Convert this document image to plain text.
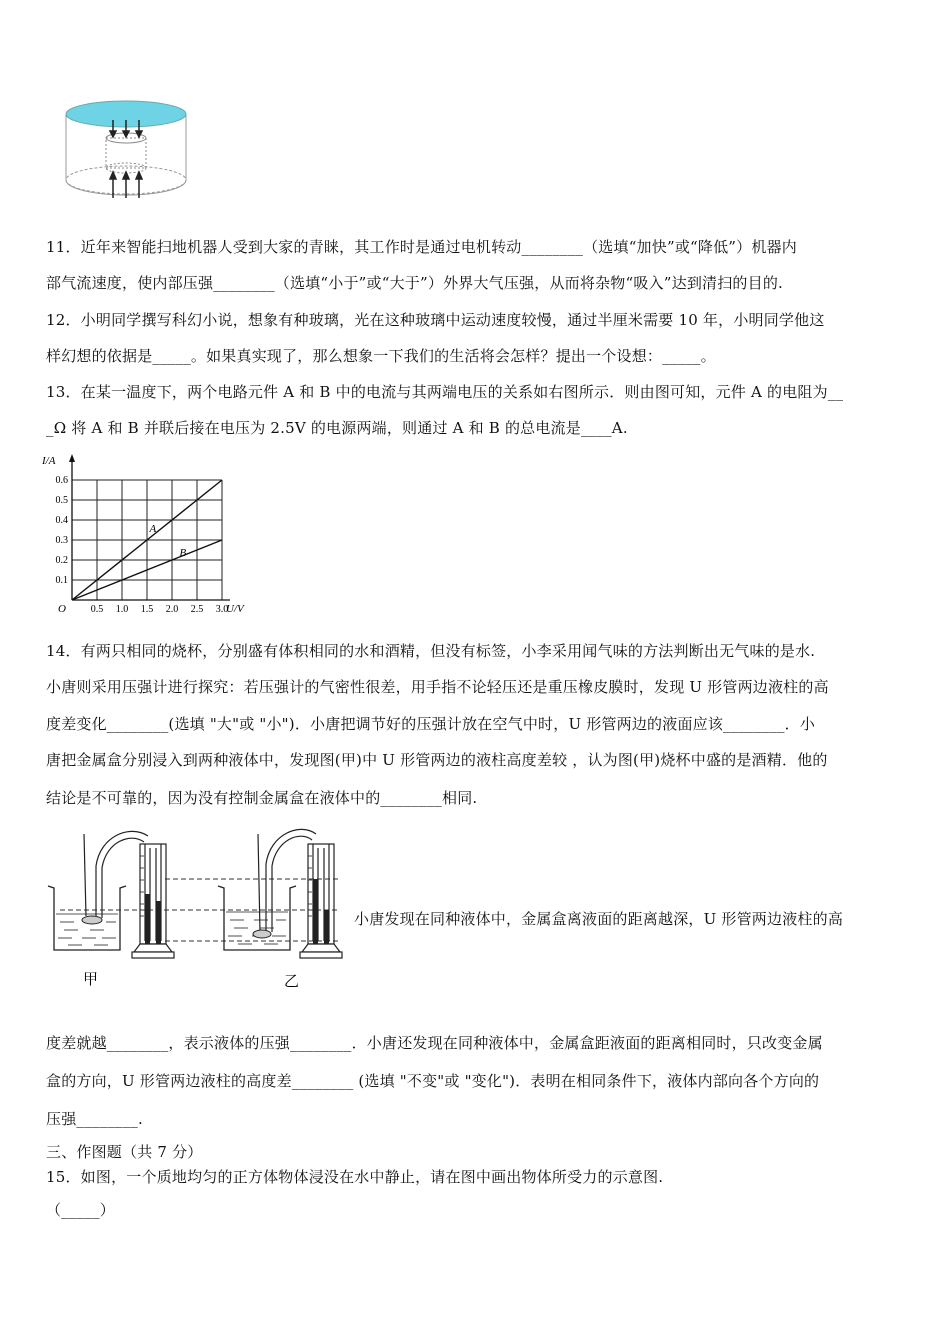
11．近年来智能扫地机器人受到大家的青睐，其工作时是通过电机转动________（选填“加快”或“降低”）机器内
部气流速度，使内部压强________（选填“小于”或“大于”）外界大气压强，从而将杂物“吸入”达到清扫的目的.
12．小明同学撰写科幻小说，想象有种玻璃，光在这种玻璃中运动速度较慢，通过半厘米需要 10 年，小明同学他这
样幻想的依据是_____。如果真实现了，那么想象一下我们的生活将会怎样？提出一个设想：_____。
13．在某一温度下，两个电路元件 A 和 B 中的电流与其两端电压的关系如右图所示．则由图可知，元件 A 的电阻为__
_Ω 将 A 和 B 并联后接在电压为 2.5V 的电源两端，则通过 A 和 B 的总电流是____A.
A
B
0.5 1.0 1.5 2.0 2.5 3.0
0.1
0.2
0.3
0.4
0.5
0.6
O
I/A
U/V
14．有两只相同的烧杯，分别盛有体积相同的水和酒精，但没有标签，小李采用闻气味的方法判断出无气味的是水.
小唐则采用压强计进行探究：若压强计的气密性很差，用手指不论轻压还是重压橡皮膜时，发现 U 形管两边液柱的高
度差变化________(选填 "大"或 "小")．小唐把调节好的压强计放在空气中时，U 形管两边的液面应该________．小
唐把金属盒分别浸入到两种液体中，发现图(甲)中 U 形管两边的液柱高度差较 ，认为图(甲)烧杯中盛的是酒精．他的
结论是不可靠的，因为没有控制金属盒在液体中的________相同.
甲	乙
小唐发现在同种液体中，金属盒离液面的距离越深，U 形管两边液柱的高
度差就越________，表示液体的压强________．小唐还发现在同种液体中，金属盒距液面的距离相同时，只改变金属
盒的方向，U 形管两边液柱的高度差________ (选填 "不变"或 "变化")．表明在相同条件下，液体内部向各个方向的
压强________.
三、作图题（共 7 分）
15．如图，一个质地均匀的正方体物体浸没在水中静止，请在图中画出物体所受力的示意图.
（_____）
